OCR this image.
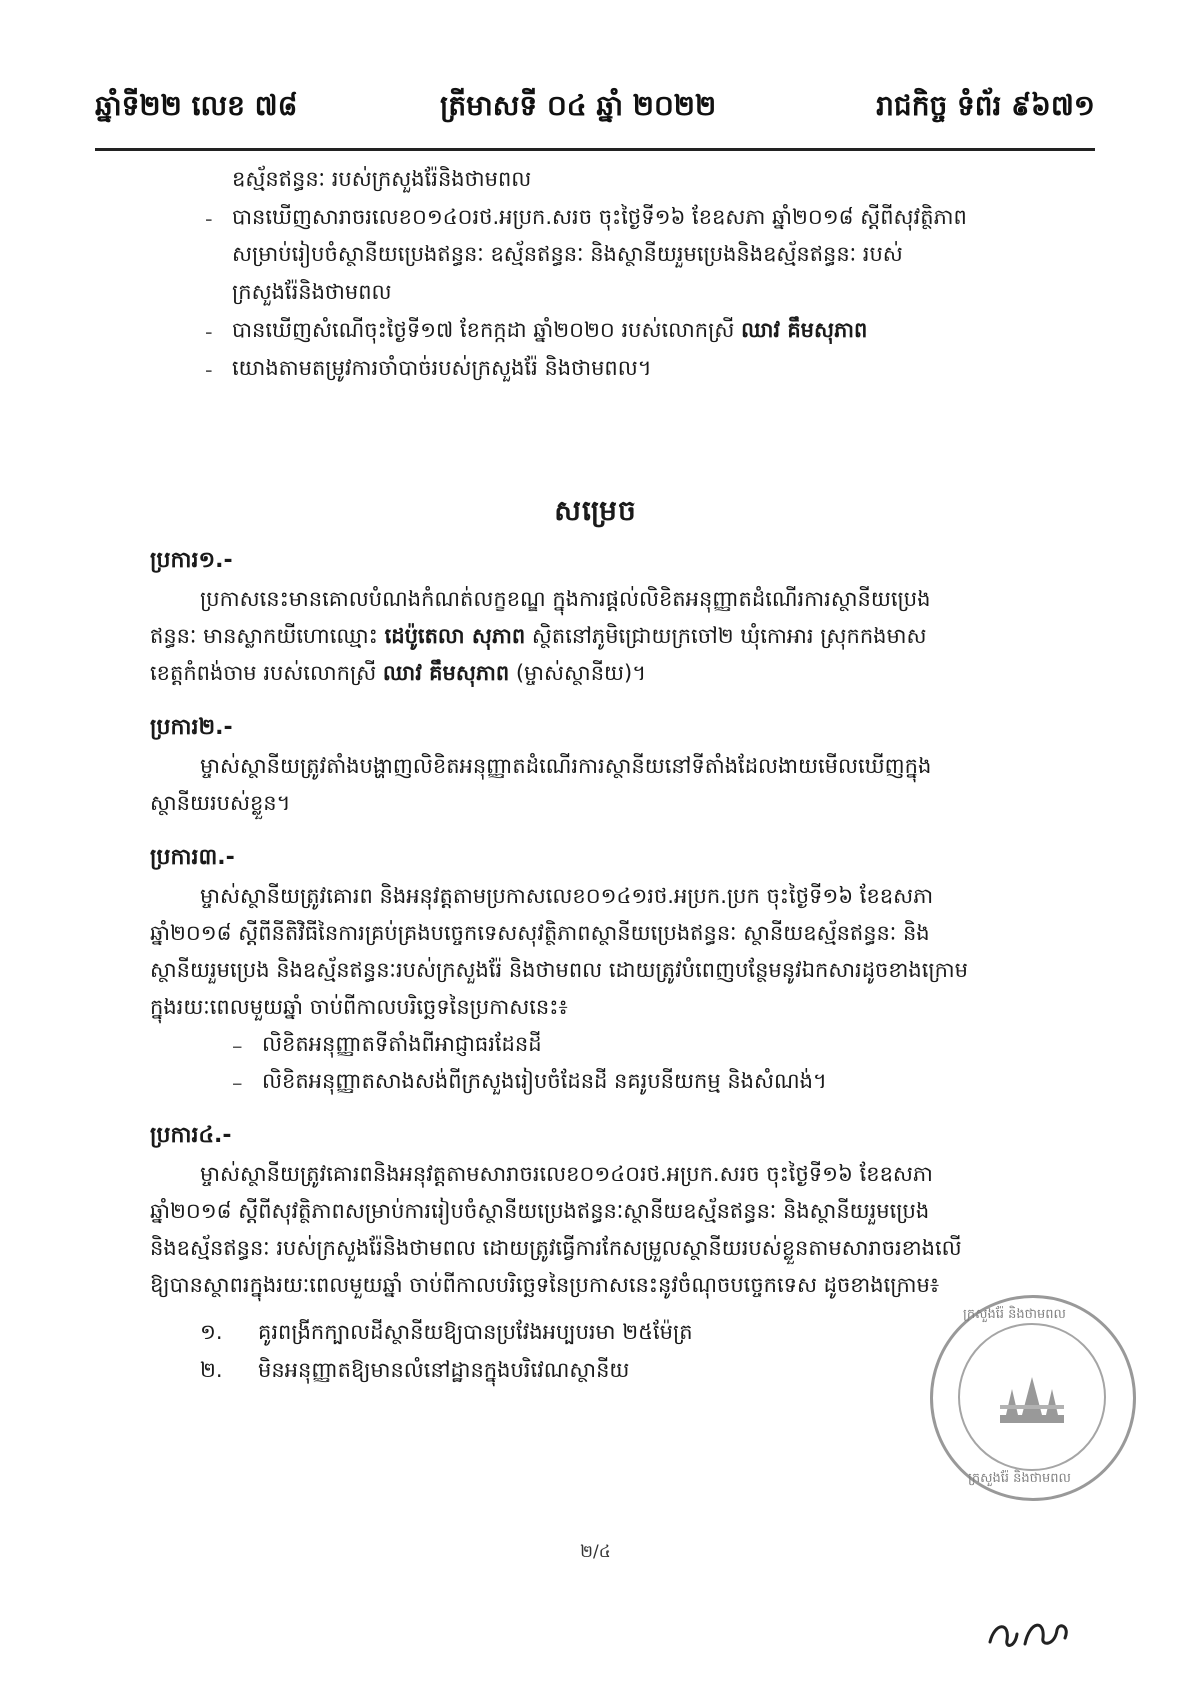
ឆ្នាំទី២២ លេខ ៧៨	ត្រីមាសទី ០៤ ឆ្នាំ ២០២២	រាជកិច្ច ទំព័រ ៩៦៧១
ឧស្ម័នឥន្ធនៈ របស់ក្រសួងរ៉ែនិងថាមពល
- បានឃើញសារាចរលេខ០១៤០រថ.អប្រក.សរច ចុះថ្ងៃទី១៦ ខែឧសភា ឆ្នាំ២០១៨ ស្តីពីសុវត្ថិភាព
សម្រាប់រៀបចំស្ថានីយប្រេងឥន្ធនៈ ឧស្ម័នឥន្ធនៈ និងស្ថានីយរួមប្រេងនិងឧស្ម័នឥន្ធនៈ របស់
ក្រសួងរ៉ែនិងថាមពល
- បានឃើញសំណើចុះថ្ងៃទី១៧ ខែកក្កដា ឆ្នាំ២០២០ របស់លោកស្រី ឈាវ គឹមសុភាព
- យោងតាមតម្រូវការចាំបាច់របស់ក្រសួងរ៉ែ និងថាមពល។
សម្រេច
ប្រការ១.-
ប្រកាសនេះមានគោលបំណងកំណត់លក្ខខណ្ឌ ក្នុងការផ្តល់លិខិតអនុញ្ញាតដំណើរការស្ថានីយប្រេង
ឥន្ធនៈ មានស្លាកយីហោឈ្មោះ ដេប៉ូតេលា សុភាព ស្ថិតនៅភូមិជ្រោយក្រចៅ២ ឃុំកោអារ ស្រុកកងមាស
ខេត្តកំពង់ចាម របស់លោកស្រី ឈាវ គឹមសុភាព (ម្ចាស់ស្ថានីយ)។
ប្រការ២.-
ម្ចាស់ស្ថានីយត្រូវតាំងបង្ហាញលិខិតអនុញ្ញាតដំណើរការស្ថានីយនៅទីតាំងដែលងាយមើលឃើញក្នុង
ស្ថានីយរបស់ខ្លួន។
ប្រការ៣.-
ម្ចាស់ស្ថានីយត្រូវគោរព និងអនុវត្តតាមប្រកាសលេខ០១៤១រថ.អប្រក.ប្រក ចុះថ្ងៃទី១៦ ខែឧសភា
ឆ្នាំ២០១៨ ស្តីពីនីតិវិធីនៃការគ្រប់គ្រងបច្ចេកទេសសុវត្ថិភាពស្ថានីយប្រេងឥន្ធនៈ ស្ថានីយឧស្ម័នឥន្ធនៈ និង
ស្ថានីយរួមប្រេង និងឧស្ម័នឥន្ធនៈរបស់ក្រសួងរ៉ែ និងថាមពល ដោយត្រូវបំពេញបន្ថែមនូវឯកសារដូចខាងក្រោម
ក្នុងរយៈពេលមួយឆ្នាំ ចាប់ពីកាលបរិច្ឆេទនៃប្រកាសនេះ៖
– លិខិតអនុញ្ញាតទីតាំងពីអាជ្ញាធរដែនដី
– លិខិតអនុញ្ញាតសាងសង់ពីក្រសួងរៀបចំដែនដី នគរូបនីយកម្ម និងសំណង់។
ប្រការ៤.-
ម្ចាស់ស្ថានីយត្រូវគោរពនិងអនុវត្តតាមសារាចរលេខ០១៤០រថ.អប្រក.សរច ចុះថ្ងៃទី១៦ ខែឧសភា
ឆ្នាំ២០១៨ ស្តីពីសុវត្ថិភាពសម្រាប់ការរៀបចំស្ថានីយប្រេងឥន្ធនៈស្ថានីយឧស្ម័នឥន្ធនៈ និងស្ថានីយរួមប្រេង
និងឧស្ម័នឥន្ធនៈ របស់ក្រសួងរ៉ែនិងថាមពល ដោយត្រូវធ្វើការកែសម្រួលស្ថានីយរបស់ខ្លួនតាមសារាចរខាងលើ
ឱ្យបានស្ថាពរក្នុងរយៈពេលមួយឆ្នាំ ចាប់ពីកាលបរិច្ឆេទនៃប្រកាសនេះនូវចំណុចបច្ចេកទេស ដូចខាងក្រោម៖
១. គូរពង្រីកក្បាលដីស្ថានីយឱ្យបានប្រវែងអប្បបរមា ២៥ម៉ែត្រ
២. មិនអនុញ្ញាតឱ្យមានលំនៅដ្ឋានក្នុងបរិវេណស្ថានីយ
ក្រសួងរ៉ែ និងថាមពល
ក្រសួងរ៉ែ និងថាមពល
២/៤
